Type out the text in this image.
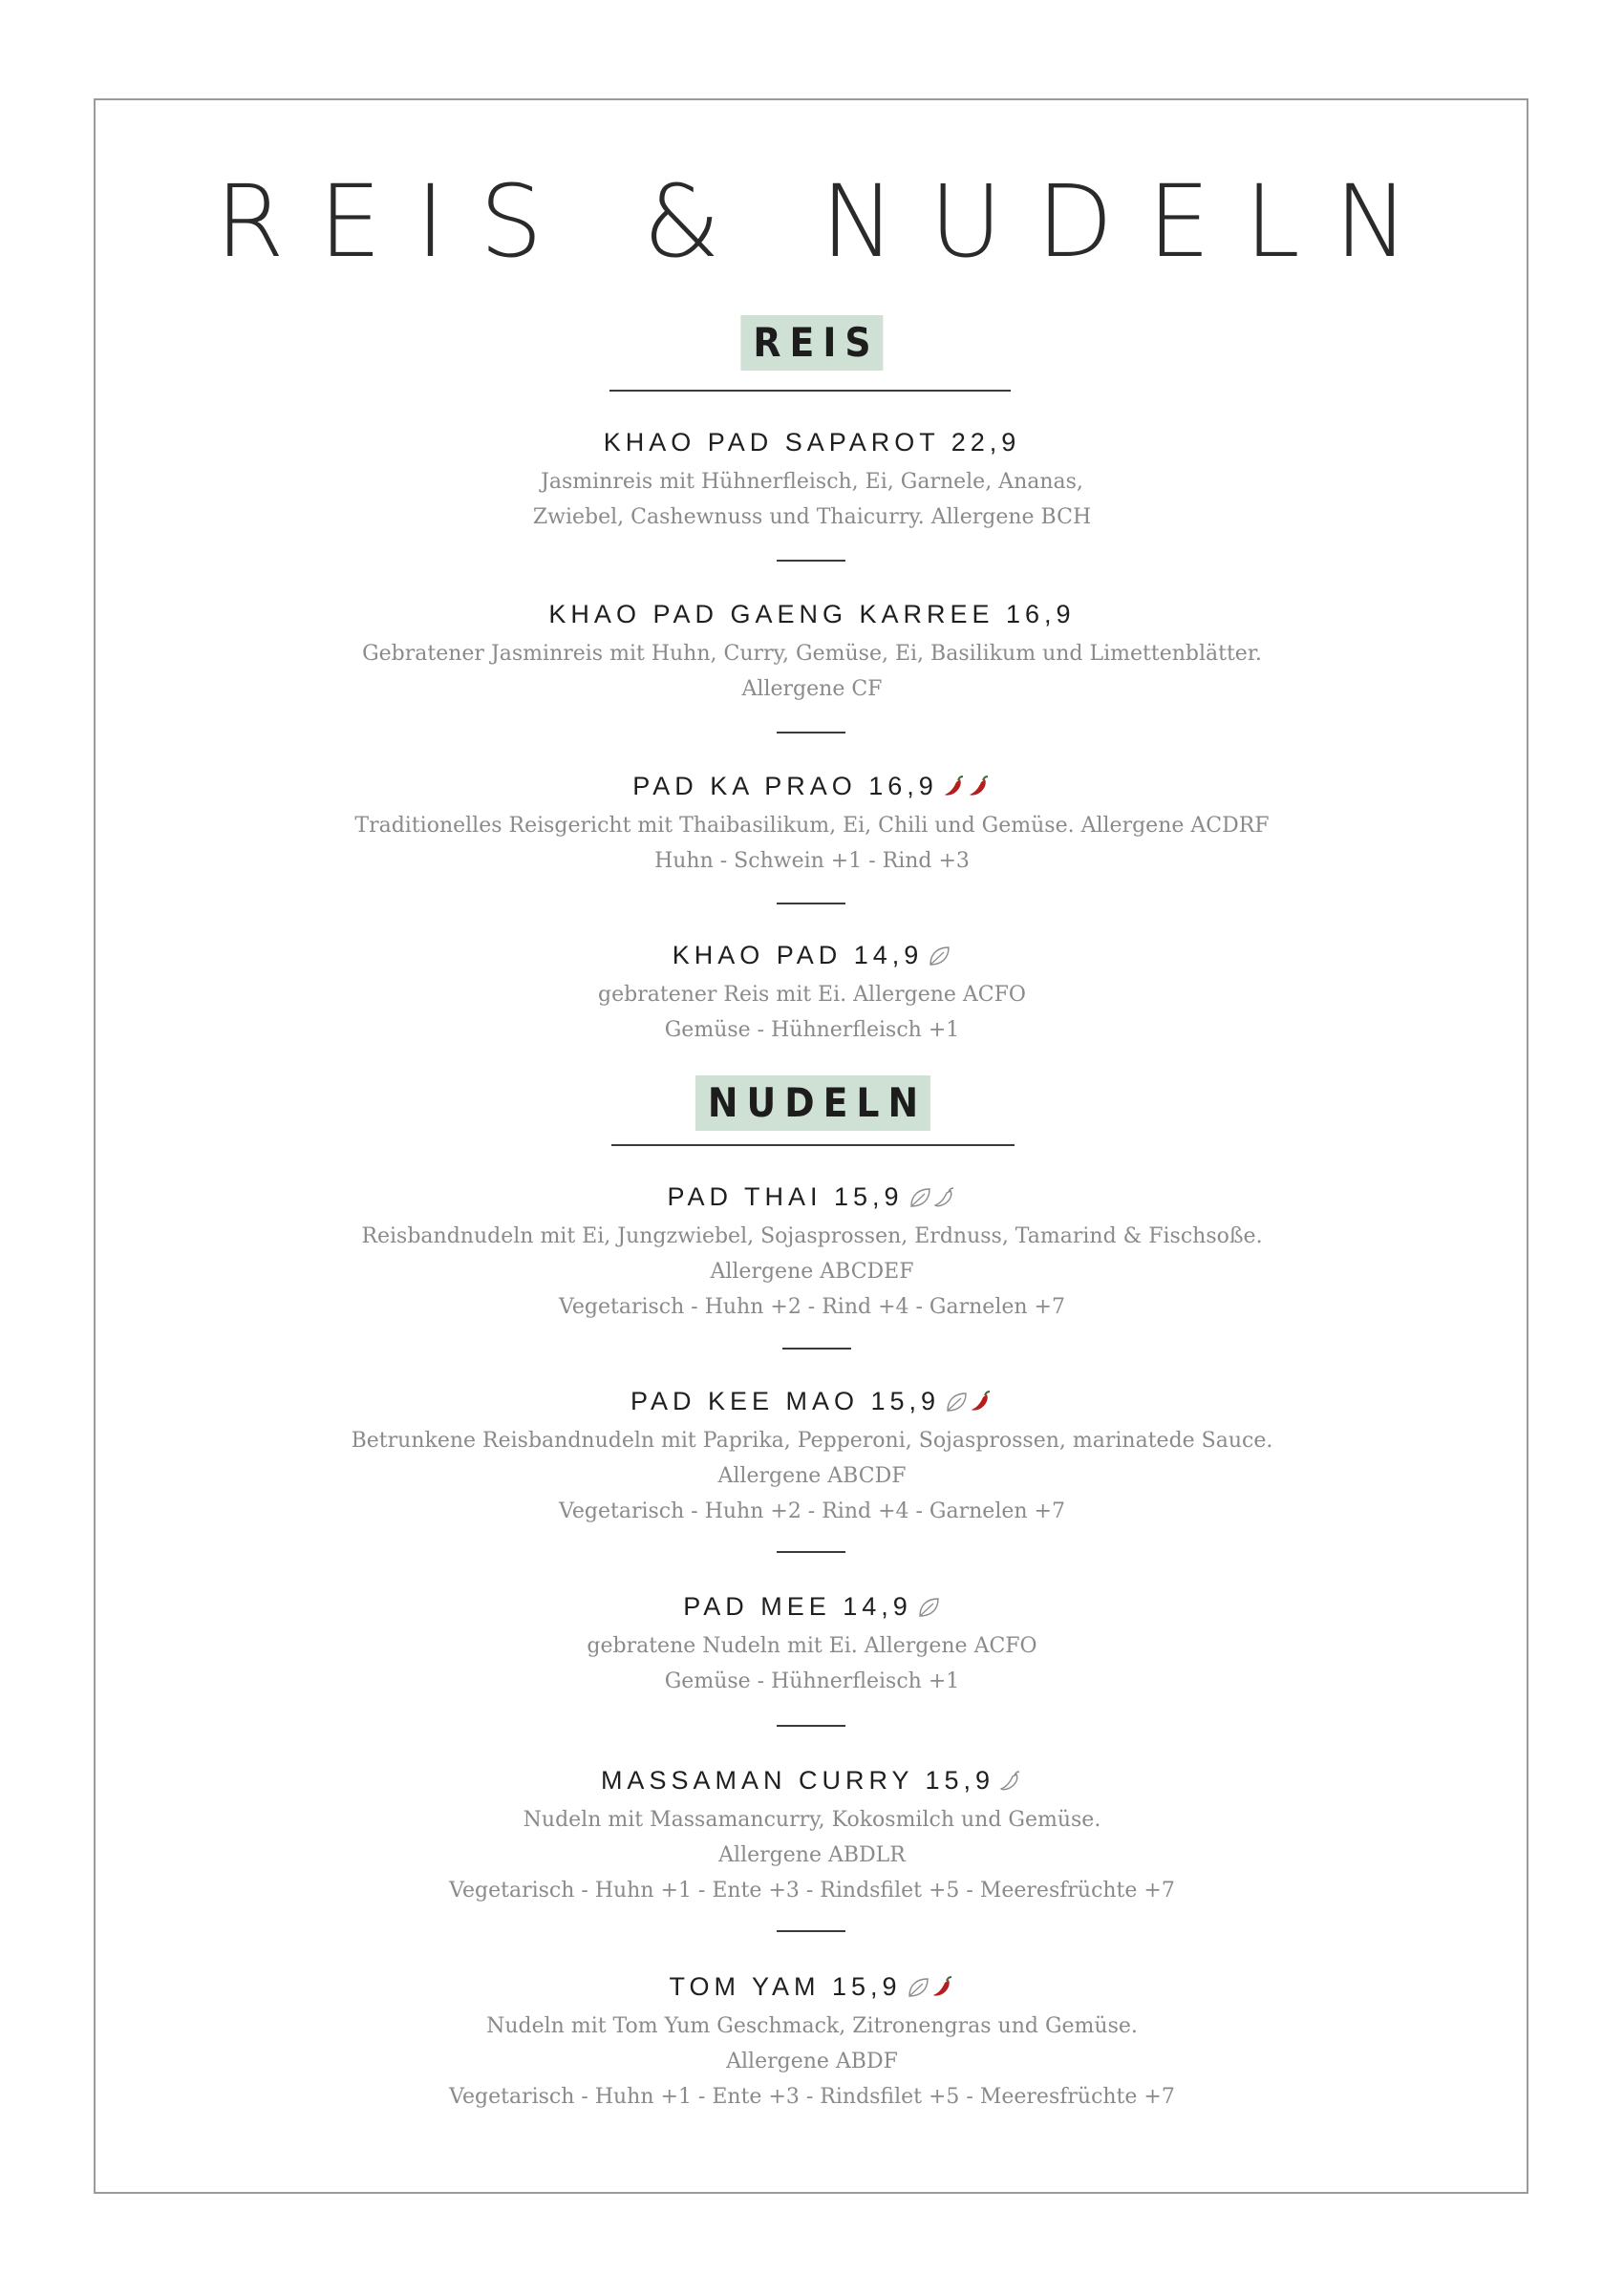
REIS & NUDELN
REIS
KHAO PAD SAPAROT 22,9
Jasminreis mit Hühnerfleisch, Ei, Garnele, Ananas,
Zwiebel, Cashewnuss und Thaicurry. Allergene BCH
KHAO PAD GAENG KARREE 16,9
Gebratener Jasminreis mit Huhn, Curry, Gemüse, Ei, Basilikum und Limettenblätter.
Allergene CF
PAD KA PRAO 16,9
Traditionelles Reisgericht mit Thaibasilikum, Ei, Chili und Gemüse. Allergene ACDRF
Huhn - Schwein +1 - Rind +3
KHAO PAD 14,9
gebratener Reis mit Ei. Allergene ACFO
Gemüse - Hühnerfleisch +1
NUDELN
PAD THAI 15,9
Reisbandnudeln mit Ei, Jungzwiebel, Sojasprossen, Erdnuss, Tamarind & Fischsoße.
Allergene ABCDEF
Vegetarisch - Huhn +2 - Rind +4 - Garnelen +7
PAD KEE MAO 15,9
Betrunkene Reisbandnudeln mit Paprika, Pepperoni, Sojasprossen, marinatede Sauce.
Allergene ABCDF
Vegetarisch - Huhn +2 - Rind +4 - Garnelen +7
PAD MEE 14,9
gebratene Nudeln mit Ei. Allergene ACFO
Gemüse - Hühnerfleisch +1
MASSAMAN CURRY 15,9
Nudeln mit Massamancurry, Kokosmilch und Gemüse.
Allergene ABDLR
Vegetarisch - Huhn +1 - Ente +3 - Rindsfilet +5 - Meeresfrüchte +7
TOM YAM 15,9
Nudeln mit Tom Yum Geschmack, Zitronengras und Gemüse.
Allergene ABDF
Vegetarisch - Huhn +1 - Ente +3 - Rindsfilet +5 - Meeresfrüchte +7
